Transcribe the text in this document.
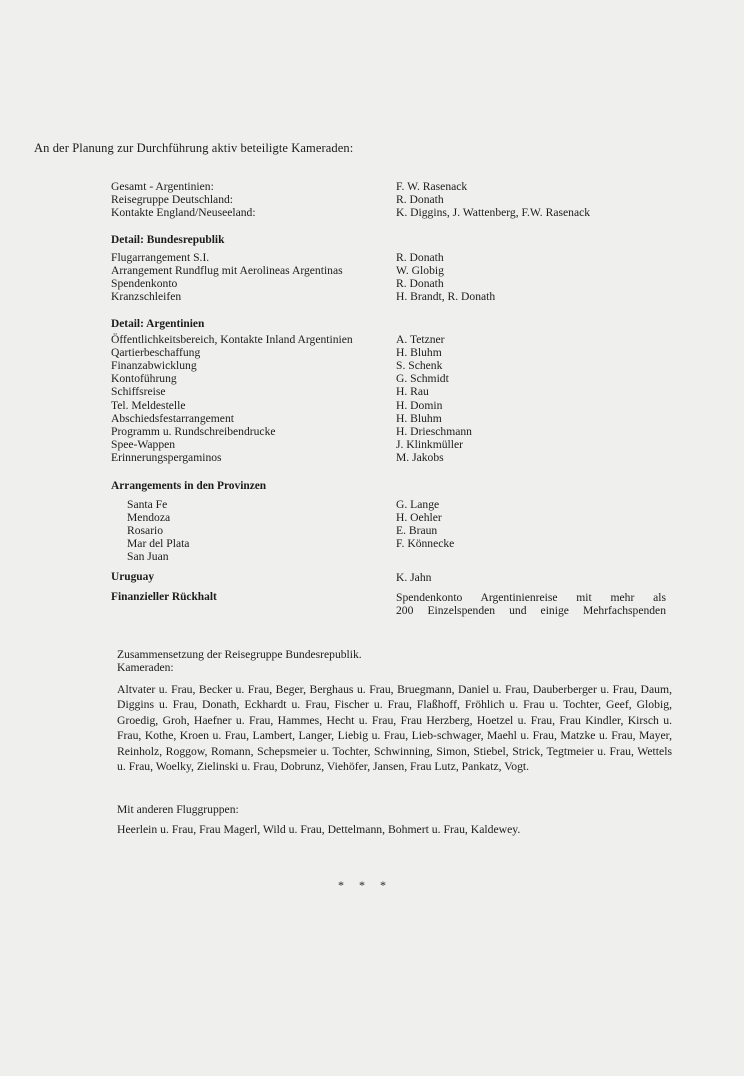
An der Planung zur Durchführung aktiv beteiligte Kameraden:
Gesamt - Argentinien:	F. W. Rasenack
Reisegruppe Deutschland:	R. Donath
Kontakte England/Neuseeland:	K. Diggins, J. Wattenberg, F.W. Rasenack
Detail: Bundesrepublik
Flugarrangement S.I.	R. Donath
Arrangement Rundflug mit Aerolineas Argentinas	W. Globig
Spendenkonto	R. Donath
Kranzschleifen	H. Brandt, R. Donath
Detail: Argentinien
Öffentlichkeitsbereich, Kontakte Inland Argentinien	A. Tetzner
Qartierbeschaffung	H. Bluhm
Finanzabwicklung	S. Schenk
Kontoführung	G. Schmidt
Schiffsreise	H. Rau
Tel. Meldestelle	H. Domin
Abschiedsfestarrangement	H. Bluhm
Programm u. Rundschreibendrucke	H. Drieschmann
Spee-Wappen	J. Klinkmüller
Erinnerungspergaminos	M. Jakobs
Arrangements in den Provinzen
Santa Fe	G. Lange
Mendoza	H. Oehler
Rosario	E. Braun
Mar del Plata	F. Könnecke
San Juan
Uruguay	K. Jahn
Finanzieller Rückhalt	Spendenkonto Argentinienreise mit mehr als
200 Einzelspenden und einige Mehrfachspenden
Zusammensetzung der Reisegruppe Bundesrepublik.
Kameraden:
Altvater u. Frau, Becker u. Frau, Beger, Berghaus u. Frau, Bruegmann, Daniel u. Frau, Dauberberger u. Frau, Daum, Diggins u. Frau, Donath, Eckhardt u. Frau, Fischer u. Frau, Flaßhoff, Fröhlich u. Frau u. Tochter, Geef, Globig, Groedig, Groh, Haefner u. Frau, Hammes, Hecht u. Frau, Frau Herzberg, Hoetzel u. Frau, Frau Kindler, Kirsch u. Frau, Kothe, Kroen u. Frau, Lambert, Langer, Liebig u. Frau, Lieb-schwager, Maehl u. Frau, Matzke u. Frau, Mayer, Reinholz, Roggow, Romann, Schepsmeier u. Tochter, Schwinning, Simon, Stiebel, Strick, Tegtmeier u. Frau, Wettels u. Frau, Woelky, Zielinski u. Frau, Dobrunz, Viehöfer, Jansen, Frau Lutz, Pankatz, Vogt.
Mit anderen Fluggruppen:
Heerlein u. Frau, Frau Magerl, Wild u. Frau, Dettelmann, Bohmert u. Frau, Kaldewey.
* * *
